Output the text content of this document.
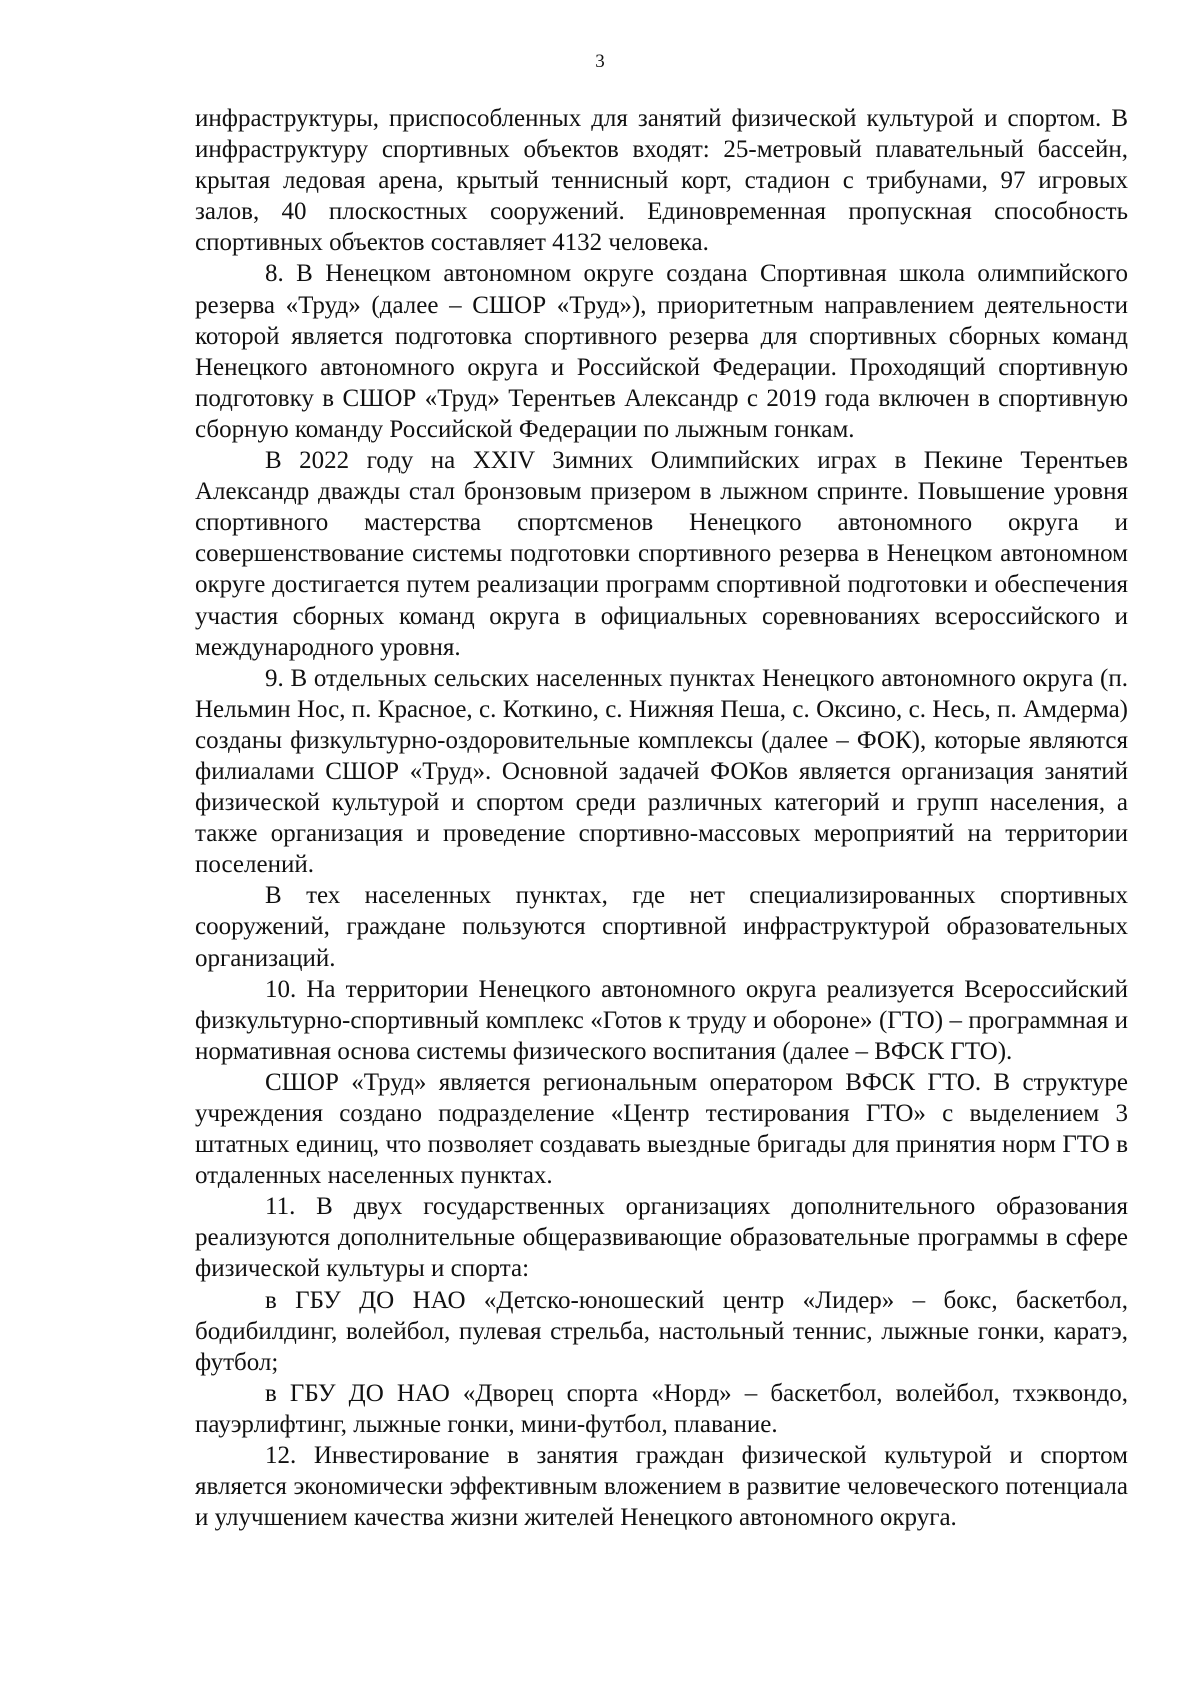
3

инфраструктуры, приспособленных для занятий физической культурой и спортом. В инфраструктуру спортивных объектов входят: 25-метровый плавательный бассейн, крытая ледовая арена, крытый теннисный корт, стадион с трибунами, 97 игровых залов, 40 плоскостных сооружений. Единовременная пропускная способность спортивных объектов составляет 4132 человека.

8. В Ненецком автономном округе создана Спортивная школа олимпийского резерва «Труд» (далее – СШОР «Труд»), приоритетным направлением деятельности которой является подготовка спортивного резерва для спортивных сборных команд Ненецкого автономного округа и Российской Федерации. Проходящий спортивную подготовку в СШОР «Труд» Терентьев Александр с 2019 года включен в спортивную сборную команду Российской Федерации по лыжным гонкам.

В 2022 году на XXIV Зимних Олимпийских играх в Пекине Терентьев Александр дважды стал бронзовым призером в лыжном спринте. Повышение уровня спортивного мастерства спортсменов Ненецкого автономного округа и совершенствование системы подготовки спортивного резерва в Ненецком автономном округе достигается путем реализации программ спортивной подготовки и обеспечения участия сборных команд округа в официальных соревнованиях всероссийского и международного уровня.

9. В отдельных сельских населенных пунктах Ненецкого автономного округа (п. Нельмин Нос, п. Красное, с. Коткино, с. Нижняя Пеша, с. Оксино, с. Несь, п. Амдерма) созданы физкультурно-оздоровительные комплексы (далее – ФОК), которые являются филиалами СШОР «Труд». Основной задачей ФОКов является организация занятий физической культурой и спортом среди различных категорий и групп населения, а также организация и проведение спортивно-массовых мероприятий на территории поселений.

В тех населенных пунктах, где нет специализированных спортивных сооружений, граждане пользуются спортивной инфраструктурой образовательных организаций.

10. На территории Ненецкого автономного округа реализуется Всероссийский физкультурно-спортивный комплекс «Готов к труду и обороне» (ГТО) – программная и нормативная основа системы физического воспитания (далее – ВФСК ГТО).

СШОР «Труд» является региональным оператором ВФСК ГТО. В структуре учреждения создано подразделение «Центр тестирования ГТО» с выделением 3 штатных единиц, что позволяет создавать выездные бригады для принятия норм ГТО в отдаленных населенных пунктах.

11. В двух государственных организациях дополнительного образования реализуются дополнительные общеразвивающие образовательные программы в сфере физической культуры и спорта:

в ГБУ ДО НАО «Детско-юношеский центр «Лидер» – бокс, баскетбол, бодибилдинг, волейбол, пулевая стрельба, настольный теннис, лыжные гонки, каратэ, футбол;

в ГБУ ДО НАО «Дворец спорта «Норд» – баскетбол, волейбол, тхэквондо, пауэрлифтинг, лыжные гонки, мини-футбол, плавание.

12. Инвестирование в занятия граждан физической культурой и спортом является экономически эффективным вложением в развитие человеческого потенциала и улучшением качества жизни жителей Ненецкого автономного округа.
